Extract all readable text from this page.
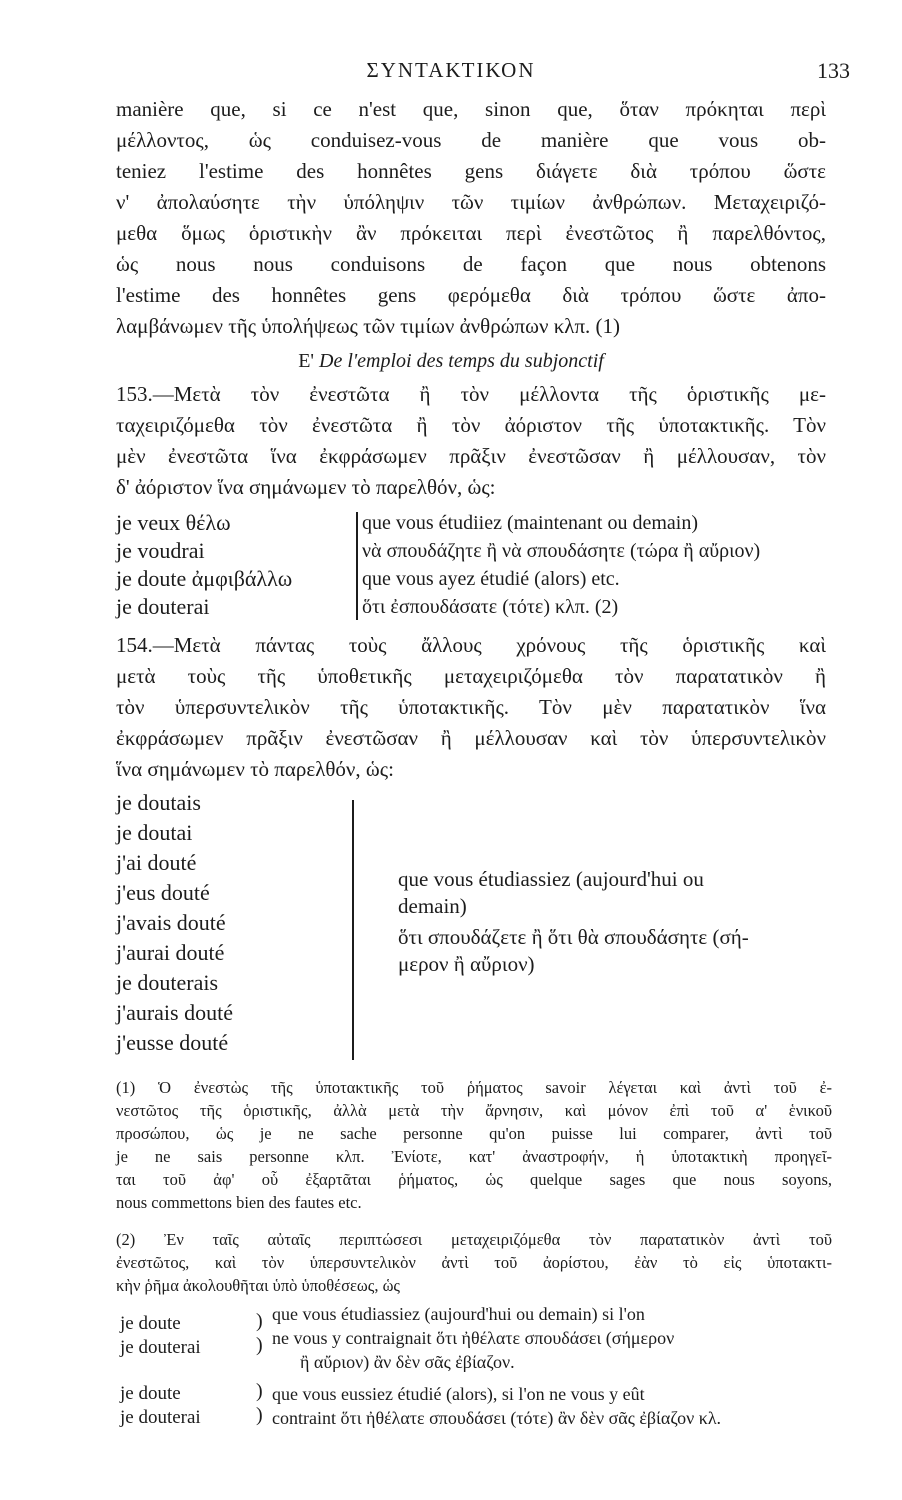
ΣΥΝΤΑΚΤΙΚΟΝ	133
manière que, si ce n'est que, sinon que, ὅταν πρόκηται περὶ
μέλλοντος, ὡς conduisez-vous de manière que vous ob-
teniez l'estime des honnêtes gens διάγετε διὰ τρόπου ὥστε
ν' ἀπολαύσητε τὴν ὑπόληψιν τῶν τιμίων ἀνθρώπων. Μεταχειριζό-
μεθα ὅμως ὁριστικὴν ἂν πρόκειται περὶ ἐνεστῶτος ἢ παρελθόντος,
ὡς nous nous conduisons de façon que nous obtenons
l'estime des honnêtes gens φερόμεθα διὰ τρόπου ὥστε ἀπο-
λαμβάνωμεν τῆς ὑπολήψεως τῶν τιμίων ἀνθρώπων κλπ. (1)
Ε' De l'emploi des temps du subjonctif
153.—Μετὰ τὸν ἐνεστῶτα ἢ τὸν μέλλοντα τῆς ὁριστικῆς με-
ταχειριζόμεθα τὸν ἐνεστῶτα ἢ τὸν ἀόριστον τῆς ὑποτακτικῆς. Τὸν
μὲν ἐνεστῶτα ἵνα ἐκφράσωμεν πρᾶξιν ἐνεστῶσαν ἢ μέλλουσαν, τὸν
δ' ἀόριστον ἵνα σημάνωμεν τὸ παρελθόν, ὡς:
je veux θέλω
je voudrai
je doute ἀμφιβάλλω
je douterai
que vous étudiiez (maintenant ou demain)
νὰ σπουδάζητε ἢ νὰ σπουδάσητε (τώρα ἢ αὔριον)
que vous ayez étudié (alors) etc.
ὅτι ἐσπουδάσατε (τότε) κλπ. (2)
154.—Μετὰ πάντας τοὺς ἄλλους χρόνους τῆς ὁριστικῆς καὶ
μετὰ τοὺς τῆς ὑποθετικῆς μεταχειριζόμεθα τὸν παρατατικὸν ἢ
τὸν ὑπερσυντελικὸν τῆς ὑποτακτικῆς. Τὸν μὲν παρατατικὸν ἵνα
ἐκφράσωμεν πρᾶξιν ἐνεστῶσαν ἢ μέλλουσαν καὶ τὸν ὑπερσυντελικὸν
ἵνα σημάνωμεν τὸ παρελθόν, ὡς:
je doutais
je doutai
j'ai douté
j'eus douté
j'avais douté
j'aurai douté
je douterais
j'aurais douté
j'eusse douté
que vous étudiassiez (aujourd'hui ou
demain)
ὅτι σπουδάζετε ἢ ὅτι θὰ σπουδάσητε (σή-
μερον ἢ αὔριον)
(1) Ὁ ἐνεστὼς τῆς ὑποτακτικῆς τοῦ ῥήματος savoir λέγεται καὶ ἀντὶ τοῦ ἐ-
νεστῶτος τῆς ὁριστικῆς, ἀλλὰ μετὰ τὴν ἄρνησιν, καὶ μόνον ἐπὶ τοῦ α' ἑνικοῦ
προσώπου, ὡς je ne sache personne qu'on puisse lui comparer, ἀντὶ τοῦ
je ne sais personne κλπ. Ἐνίοτε, κατ' ἀναστροφήν, ἡ ὑποτακτικὴ προηγεῖ-
ται τοῦ ἀφ' οὗ ἐξαρτᾶται ῥήματος, ὡς quelque sages que nous soyons,
nous commettons bien des fautes etc.
(2) Ἐν ταῖς αὐταῖς περιπτώσεσι μεταχειριζόμεθα τὸν παρατατικὸν ἀντὶ τοῦ
ἐνεστῶτος, καὶ τὸν ὑπερσυντελικὸν ἀντὶ τοῦ ἀορίστου, ἐὰν τὸ εἰς ὑποτακτι-
κὴν ῥῆμα ἀκολουθῆται ὑπὸ ὑποθέσεως, ὡς
je doute
je douterai
)
)
que vous étudiassiez (aujourd'hui ou demain) si l'on
ne vous y contraignait ὅτι ἠθέλατε σπουδάσει (σήμερον
ἢ αὔριον) ἂν δὲν σᾶς ἐβίαζον.
je doute
je douterai
)
)
que vous eussiez étudié (alors), si l'on ne vous y eût
contraint ὅτι ἠθέλατε σπουδάσει (τότε) ἂν δὲν σᾶς ἐβίαζον κλ.
